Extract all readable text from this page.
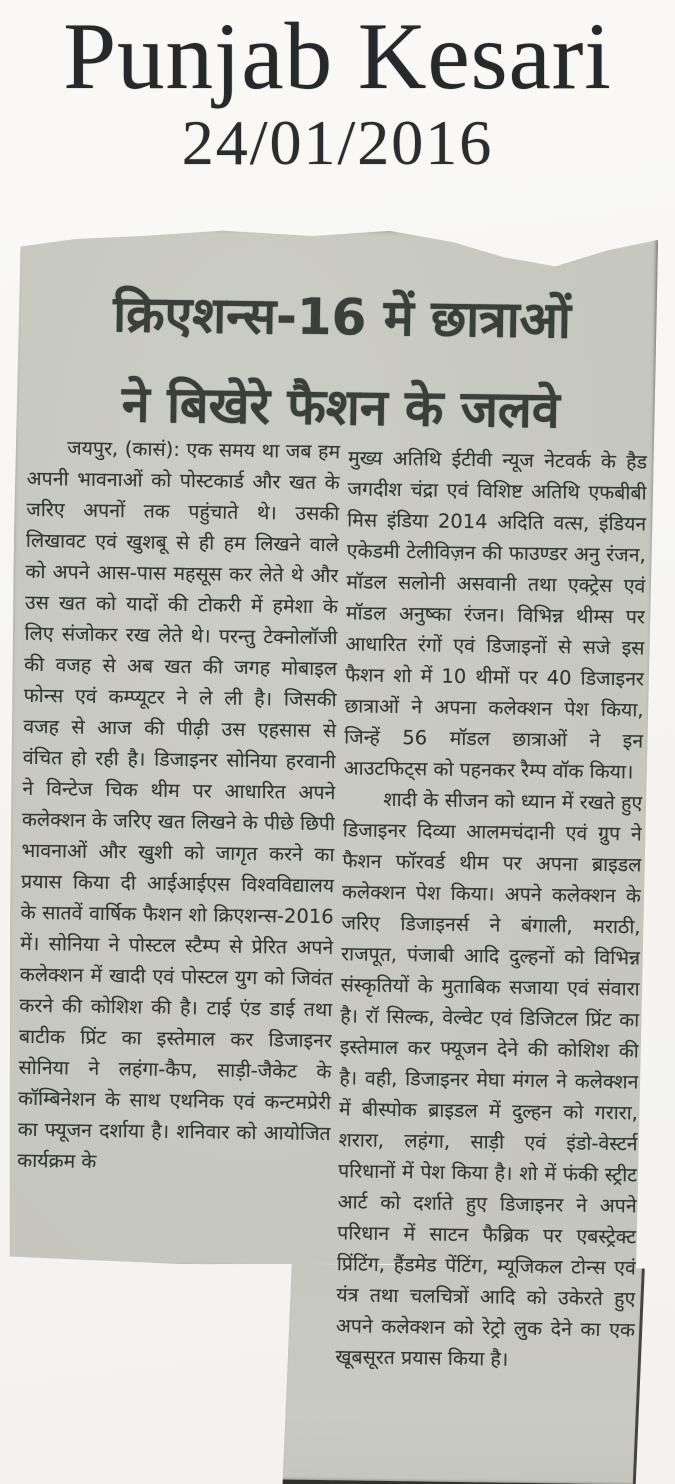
Punjab Kesari
24/01/2016
क्रिएशन्स-16 में छात्राओं
ने बिखेरे फैशन के जलवे

जयपुर, (कासं): एक समय था जब हम अपनी भावनाओं को पोस्टकार्ड और खत के जरिए अपनों तक पहुंचाते थे। उसकी लिखावट एवं खुशबू से ही हम लिखने वाले को अपने आस-पास महसूस कर लेते थे और उस खत को यादों की टोकरी में हमेशा के लिए संजोकर रख लेते थे। परन्तु टेक्नोलॉजी की वजह से अब खत की जगह मोबाइल फोन्स एवं कम्प्यूटर ने ले ली है। जिसकी वजह से आज की पीढ़ी उस एहसास से वंचित हो रही है। डिजाइनर सोनिया हरवानी ने विन्टेज चिक थीम पर आधारित अपने कलेक्शन के जरिए खत लिखने के पीछे छिपी भावनाओं और खुशी को जागृत करने का प्रयास किया दी आईआईएस विश्वविद्यालय के सातवें वार्षिक फैशन शो क्रिएशन्स-2016 में। सोनिया ने पोस्टल स्टैम्प से प्रेरित अपने कलेक्शन में खादी एवं पोस्टल युग को जिवंत करने की कोशिश की है। टाई एंड डाई तथा बाटीक प्रिंट का इस्तेमाल कर डिजाइनर सोनिया ने लहंगा-कैप, साड़ी-जैकेट के कॉम्बिनेशन के साथ एथनिक एवं कन्टमप्रेरी का फ्यूजन दर्शाया है। शनिवार को आयोजित कार्यक्रम के

मुख्य अतिथि ईटीवी न्यूज नेटवर्क के हैड जगदीश चंद्रा एवं विशिष्ट अतिथि एफबीबी मिस इंडिया 2014 अदिति वत्स, इंडियन एकेडमी टेलीविज़न की फाउण्डर अनु रंजन, मॉडल सलोनी असवानी तथा एक्ट्रेस एवं मॉडल अनुष्का रंजन। विभिन्न थीम्स पर आधारित रंगों एवं डिजाइनों से सजे इस फैशन शो में 10 थीमों पर 40 डिजाइनर छात्राओं ने अपना कलेक्शन पेश किया, जिन्हें 56 मॉडल छात्राओं ने इन आउटफिट्स को पहनकर रैम्प वॉक किया।

शादी के सीजन को ध्यान में रखते हुए डिजाइनर दिव्या आलमचंदानी एवं ग्रुप ने फैशन फॉरवर्ड थीम पर अपना ब्राइडल कलेक्शन पेश किया। अपने कलेक्शन के जरिए डिजाइनर्स ने बंगाली, मराठी, राजपूत, पंजाबी आदि दुल्हनों को विभिन्न संस्कृतियों के मुताबिक सजाया एवं संवारा है। रॉ सिल्क, वेल्वेट एवं डिजिटल प्रिंट का इस्तेमाल कर फ्यूजन देने की कोशिश की है। वही, डिजाइनर मेघा मंगल ने कलेक्शन में बीस्पोक ब्राइडल में दुल्हन को गरारा, शरारा, लहंगा, साड़ी एवं इंडो-वेस्टर्न परिधानों में पेश किया है। शो में फंकी स्ट्रीट आर्ट को दर्शाते हुए डिजाइनर ने अपने परिधान में साटन फैब्रिक पर एबस्ट्रेक्ट प्रिंटिंग, हैंडमेड पेंटिंग, म्यूजिकल टोन्स एवं यंत्र तथा चलचित्रों आदि को उकेरते हुए अपने कलेक्शन को रेट्रो लुक देने का एक खूबसूरत प्रयास किया है।
